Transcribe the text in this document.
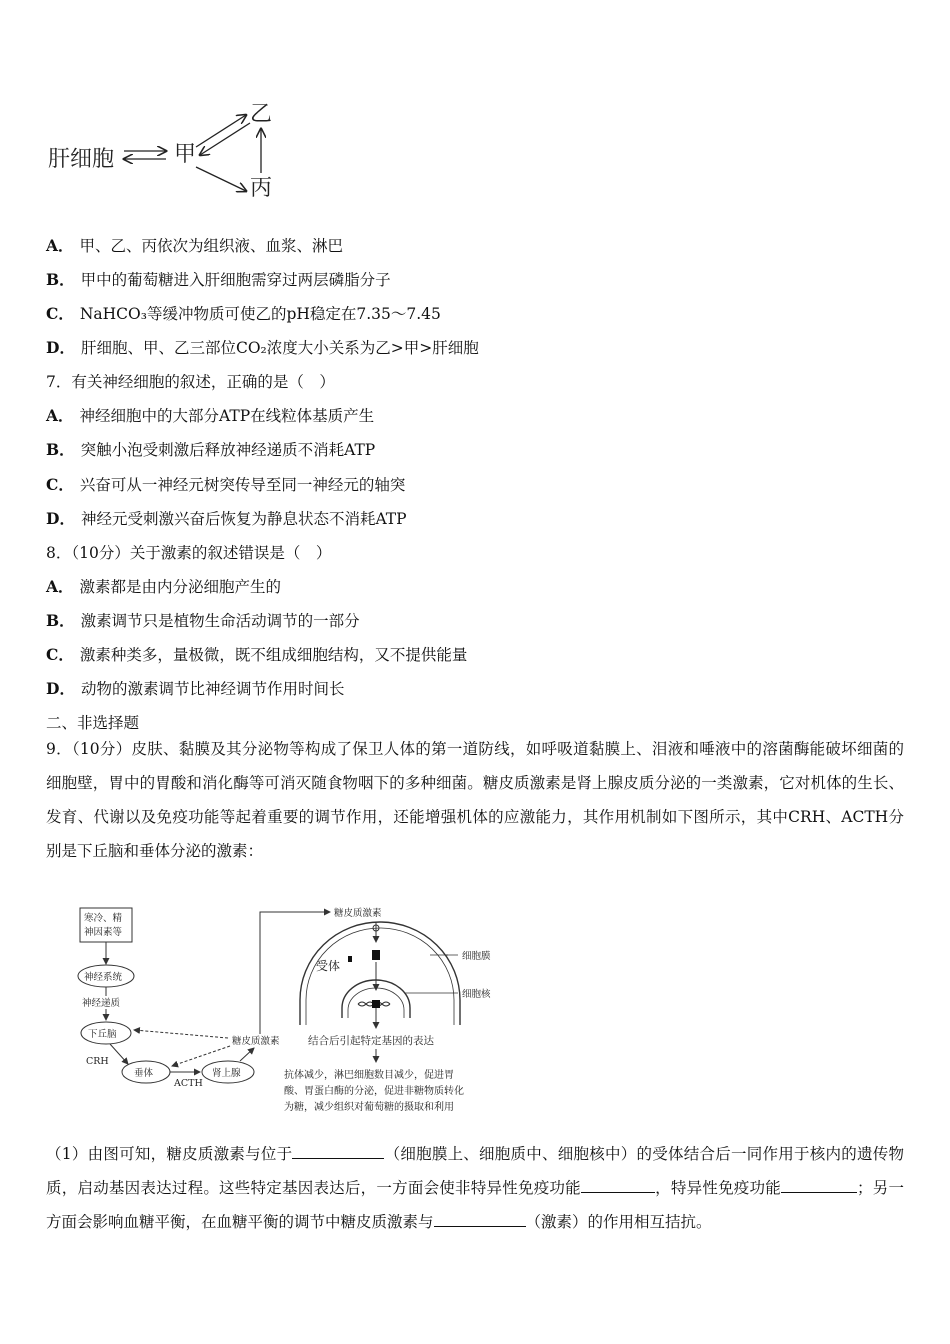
肝细胞	甲
乙
丙
A． 甲、乙、丙依次为组织液、血浆、淋巴
B． 甲中的葡萄糖进入肝细胞需穿过两层磷脂分子
C． NaHCO₃等缓冲物质可使乙的pH稳定在7.35～7.45
D． 肝细胞、甲、乙三部位CO₂浓度大小关系为乙>甲>肝细胞
7．有关神经细胞的叙述，正确的是（　）
A． 神经细胞中的大部分ATP在线粒体基质产生
B． 突触小泡受刺激后释放神经递质不消耗ATP
C． 兴奋可从一神经元树突传导至同一神经元的轴突
D． 神经元受刺激兴奋后恢复为静息状态不消耗ATP
8．（10分）关于激素的叙述错误是（　）
A． 激素都是由内分泌细胞产生的
B． 激素调节只是植物生命活动调节的一部分
C． 激素种类多，量极微，既不组成细胞结构，又不提供能量
D． 动物的激素调节比神经调节作用时间长
二、非选择题
9．（10分）皮肤、黏膜及其分泌物等构成了保卫人体的第一道防线，如呼吸道黏膜上、泪液和唾液中的溶菌酶能破坏细菌的细胞壁，胃中的胃酸和消化酶等可消灭随食物咽下的多种细菌。糖皮质激素是肾上腺皮质分泌的一类激素，它对机体的生长、发育、代谢以及免疫功能等起着重要的调节作用，还能增强机体的应激能力，其作用机制如下图所示，其中CRH、ACTH分别是下丘脑和垂体分泌的激素：
寒冷、精
神因素等
神经系统
神经递质
下丘脑
CRH
垂体
ACTH
肾上腺
糖皮质激素
糖皮质激素
受体
细胞膜
细胞核
结合后引起特定基因的表达
抗体减少，淋巴细胞数目减少，促进胃
酸、胃蛋白酶的分泌，促进非糖物质转化
为糖，减少组织对葡萄糖的摄取和利用
（1）由图可知，糖皮质激素与位于	（细胞膜上、细胞质中、细胞核中）的受体结合后一同作用于核内的遗传物质，启动基因表达过程。这些特定基因表达后，一方面会使非特异性免疫功能	，特异性免疫功能	；另一方面会影响血糖平衡，在血糖平衡的调节中糖皮质激素与	（激素）的作用相互拮抗。
